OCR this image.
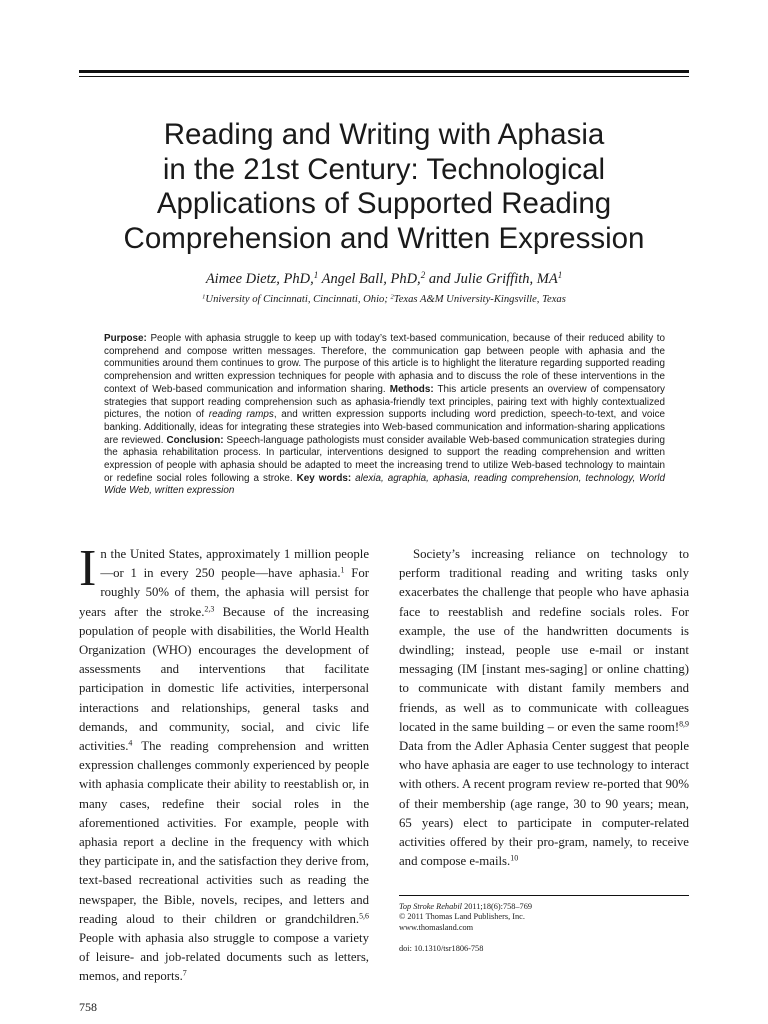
Reading and Writing with Aphasia
in the 21st Century: Technological
Applications of Supported Reading
Comprehension and Written Expression
Aimee Dietz, PhD,$^1$ Angel Ball, PhD,$^2$ and Julie Griffith, $MA^1$
$^1$University of Cincinnati, Cincinnati, Ohio; $^2$Texas A&M University-Kingsville, Texas

Purpose: People with aphasia struggle to keep up with today’s text-based communication, because of their reduced ability to comprehend and compose written messages. Therefore, the communication gap between people with aphasia and the communities around them continues to grow. The purpose of this article is to highlight the literature regarding supported reading comprehension and written expression techniques for people with aphasia and to discuss the role of these interventions in the context of Web-based communication and information sharing. Methods: This article presents an overview of compensatory strategies that support reading comprehension such as aphasia-friendly text principles, pairing text with highly contextualized pictures, the notion of reading ramps, and written expression supports including word prediction, speech-to-text, and voice banking. Additionally, ideas for integrating these strategies into Web-based communication and information-sharing applications are reviewed. Conclusion: Speech-language pathologists must consider available Web-based communication strategies during the aphasia rehabilitation process. In particular, interventions designed to support the reading comprehension and written expression of people with aphasia should be adapted to meet the increasing trend to utilize Web-based technology to maintain or redefine social roles following a stroke. Key words: alexia, agraphia, aphasia, reading comprehension, technology, World Wide Web, written expression

In the United States, approximately 1 million people—or 1 in every 250 people—have aphasia.$^1$ For roughly 50% of them, the aphasia will persist for years after the stroke.$^{2,3}$ Because of the increasing population of people with disabilities, the World Health Organization (WHO) encourages the development of assessments and interventions that facilitate participation in domestic life activities, interpersonal interactions and relationships, general tasks and demands, and community, social, and civic life activities.$^4$ The reading comprehension and written expression challenges commonly experienced by people with aphasia complicate their ability to reestablish or, in many cases, redefine their social roles in the aforementioned activities. For example, people with aphasia report a decline in the frequency with which they participate in, and the satisfaction they derive from, text-based recreational activities such as reading the newspaper, the Bible, novels, recipes, and letters and reading aloud to their children or grandchildren.$^{5,6}$ People with aphasia also struggle to compose a variety of leisure- and job-related documents such as letters, memos, and reports.$^7$

Society’s increasing reliance on technology to perform traditional reading and writing tasks only exacerbates the challenge that people who have aphasia face to reestablish and redefine socials roles. For example, the use of the handwritten documents is dwindling; instead, people use e-mail or instant messaging (IM [instant mes-saging] or online chatting) to communicate with distant family members and friends, as well as to communicate with colleagues located in the same building – or even the same room!$^{8,9}$ Data from the Adler Aphasia Center suggest that people who have aphasia are eager to use technology to interact with others. A recent program review re-ported that 90% of their membership (age range, 30 to 90 years; mean, 65 years) elect to participate in computer-related activities offered by their pro-gram, namely, to receive and compose e-mails.$^{10}$

Top Stroke Rehabil 2011;18(6):758–769
© 2011 Thomas Land Publishers, Inc.
www.thomasland.com
doi: 10.1310/tsr1806-758
758
